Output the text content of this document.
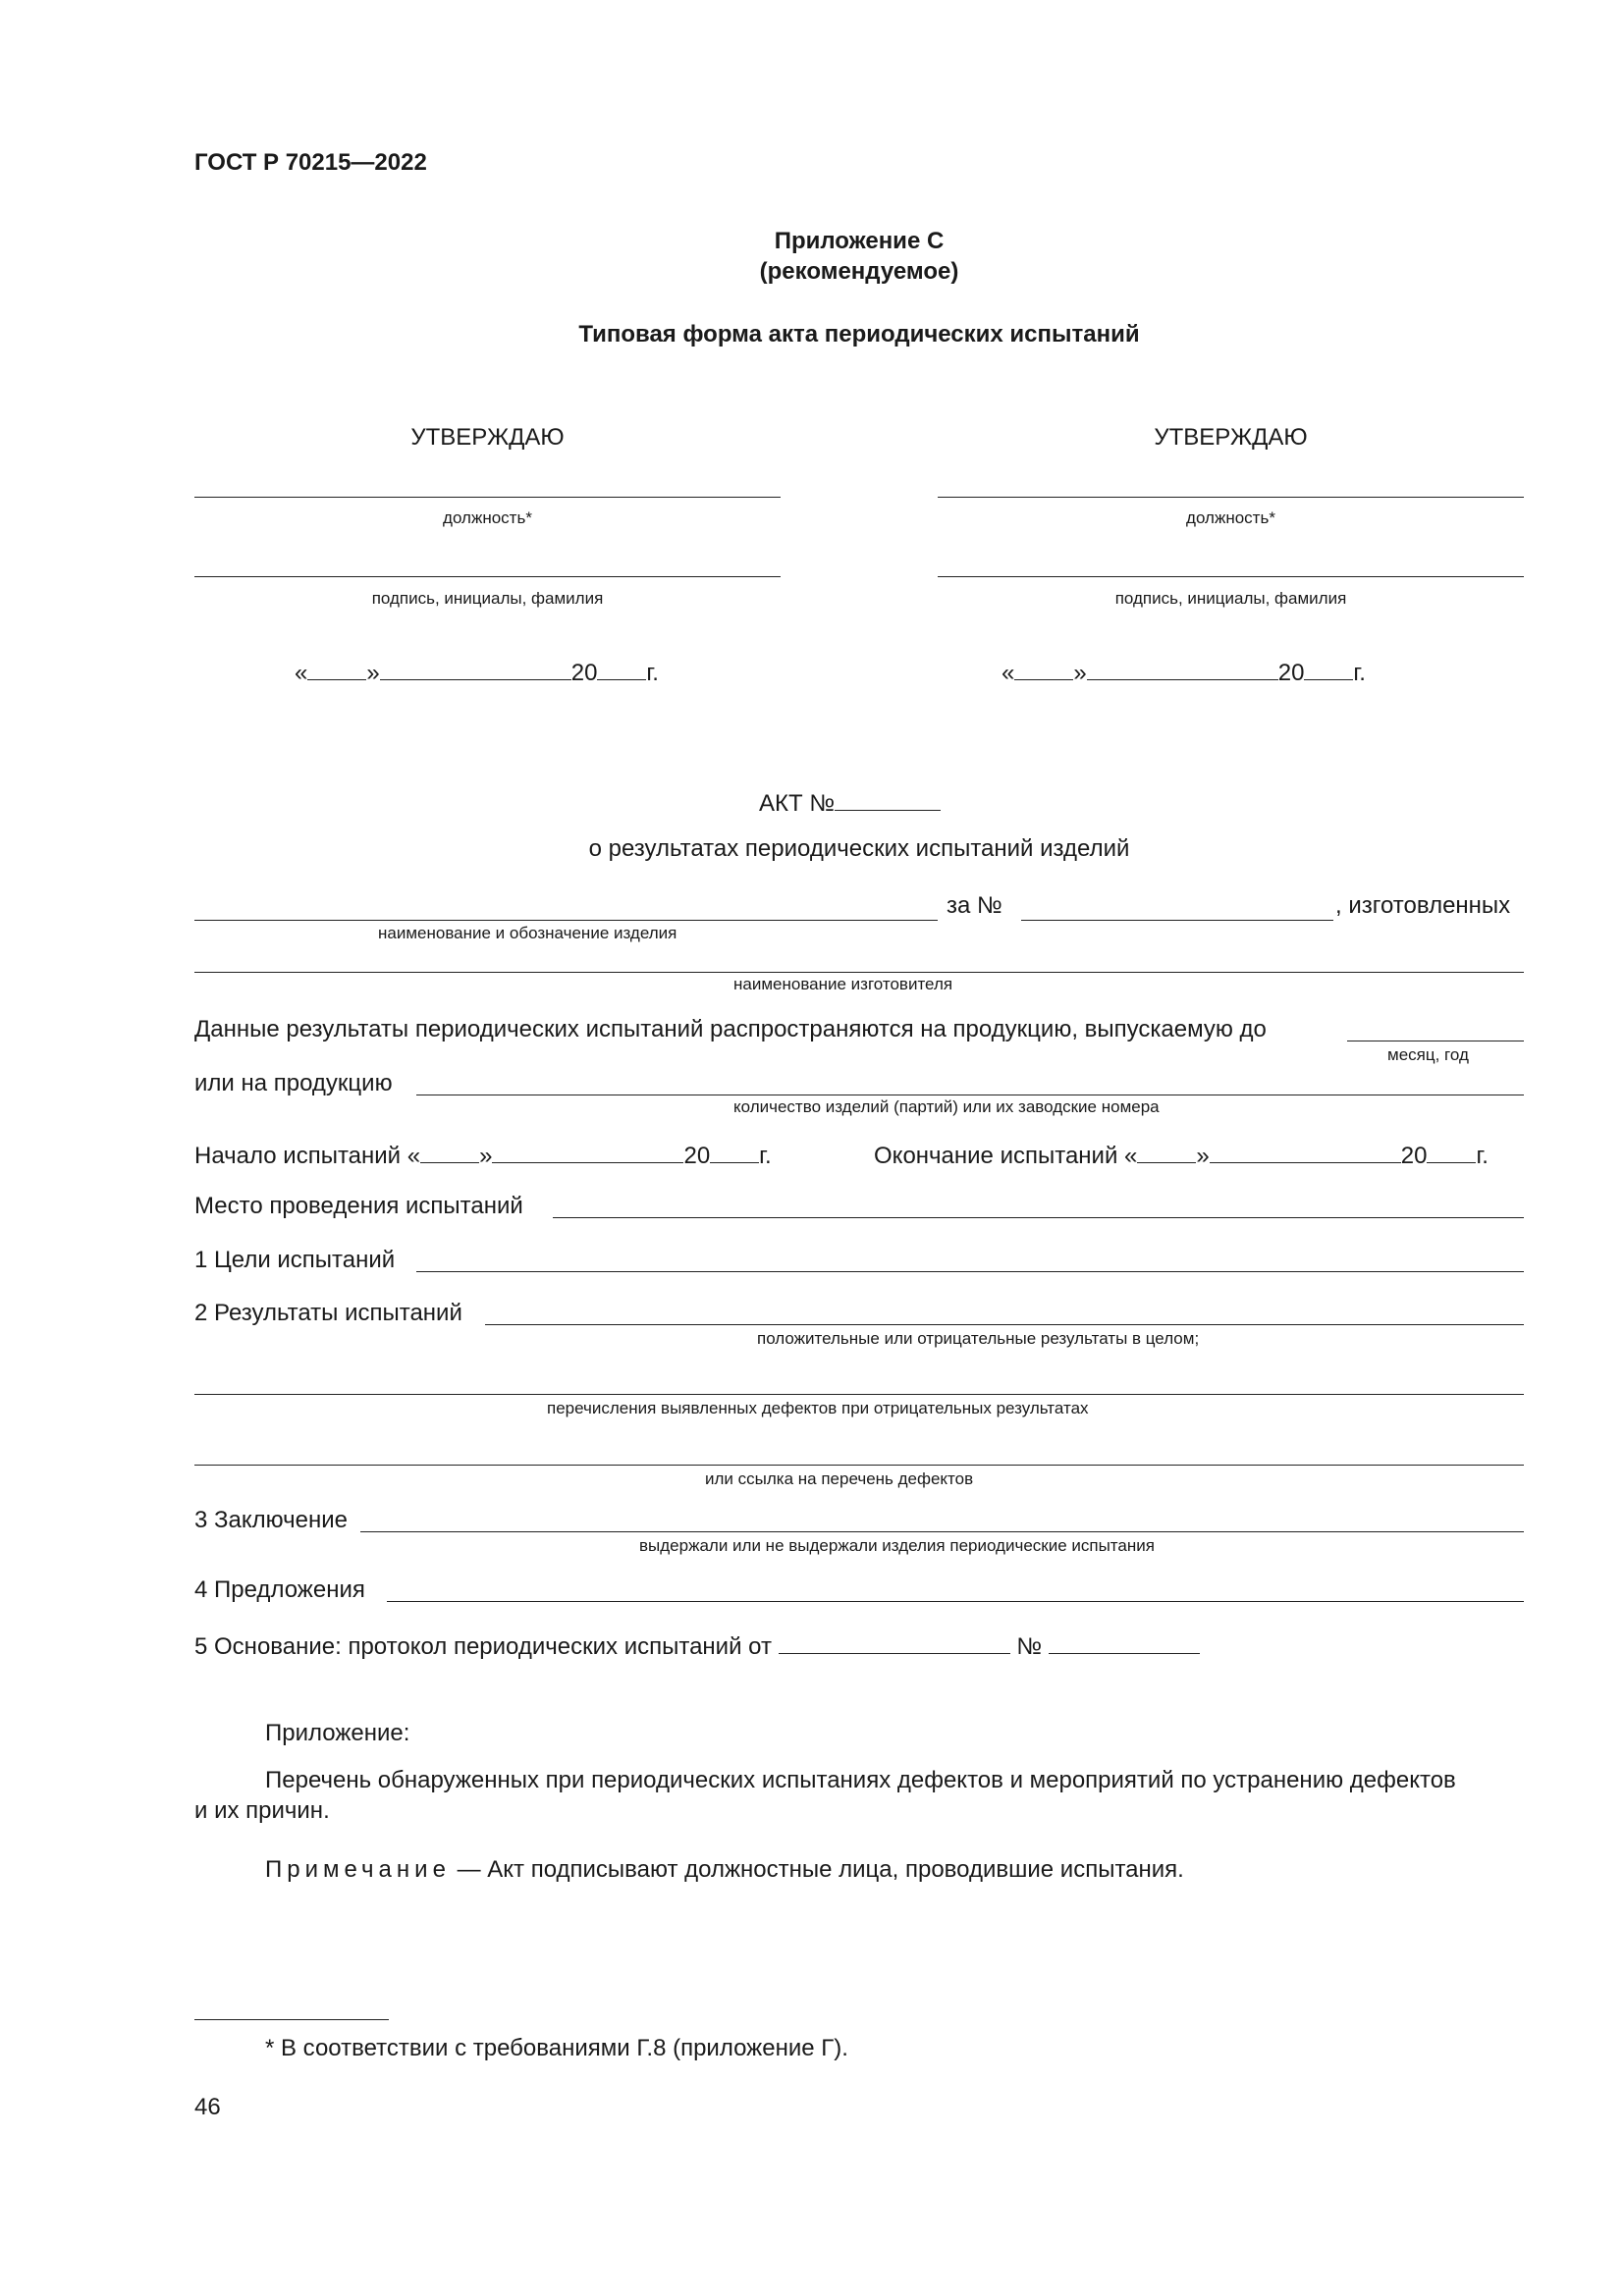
ГОСТ Р 70215—2022
Приложение С
(рекомендуемое)
Типовая форма акта периодических испытаний
УТВЕРЖДАЮ
должность*
подпись, инициалы, фамилия
«	»	20 г.
УТВЕРЖДАЮ
должность*
подпись, инициалы, фамилия
«	»	20 г.
АКТ №
о результатах периодических испытаний изделий
за №	, изготовленных
наименование и обозначение изделия
наименование изготовителя
Данные результаты периодических испытаний распространяются на продукцию, выпускаемую до
месяц, год
или на продукцию
количество изделий (партий) или их заводские номера
Начало испытаний «	»	20 г.	Окончание испытаний «	»	20 г.
Место проведения испытаний
1 Цели испытаний
2 Результаты испытаний
положительные или отрицательные результаты в целом;
перечисления выявленных дефектов при отрицательных результатах
или ссылка на перечень дефектов
3 Заключение
выдержали или не выдержали изделия периодические испытания
4 Предложения
5 Основание: протокол периодических испытаний от	№
Приложение:
Перечень обнаруженных при периодических испытаниях дефектов и мероприятий по устранению дефектов
и их причин.
Примечание — Акт подписывают должностные лица, проводившие испытания.
* В соответствии с требованиями Г.8 (приложение Г).
46
